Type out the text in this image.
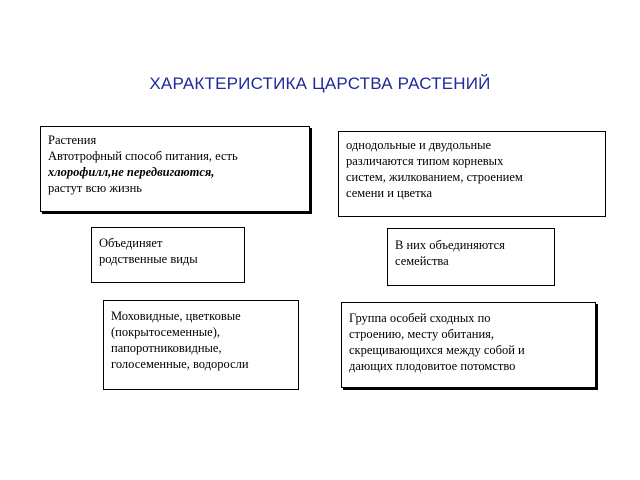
ХАРАКТЕРИСТИКА ЦАРСТВА РАСТЕНИЙ
Растения
Автотрофный способ питания, есть
хлорофилл,не передвигаются,
растут всю жизнь
однодольные и двудольные
различаются типом корневых
систем, жилкованием, строением
семени и цветка
Объединяет
родственные виды
В них объединяются
семейства
Моховидные, цветковые
(покрытосеменные),
папоротниковидные,
голосеменные, водоросли
Группа особей сходных по
строению, месту обитания,
скрещивающихся между собой и
дающих плодовитое потомство
